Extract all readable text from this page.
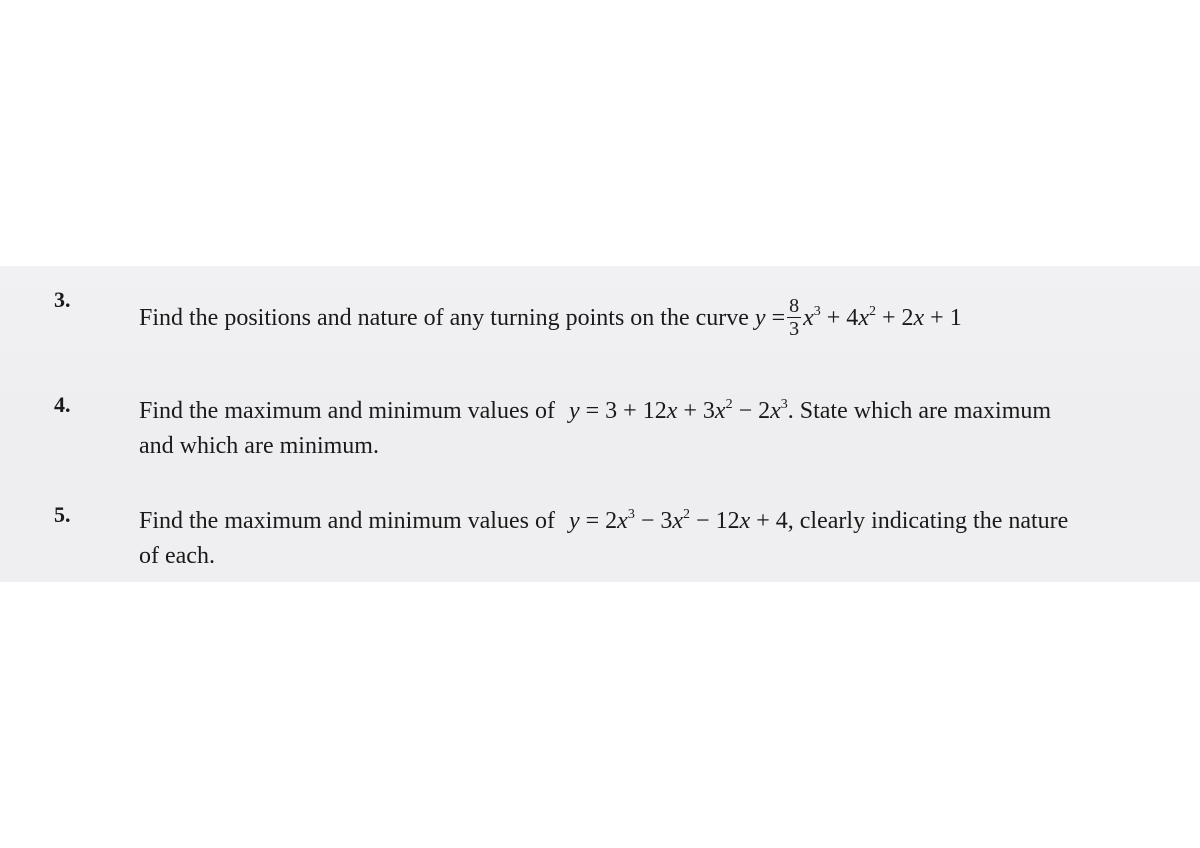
3.
Find the positions and nature of any turning points on the curve $y = \frac{8}{3} x^3 + 4x^2 + 2x + 1$
4.	Find the maximum and minimum values of $y = 3 + 12x + 3x^2 - 2x^3$. State which are maximum
and which are minimum.
5.	Find the maximum and minimum values of $y = 2x^3 - 3x^2 - 12x + 4$, clearly indicating the nature
of each.
